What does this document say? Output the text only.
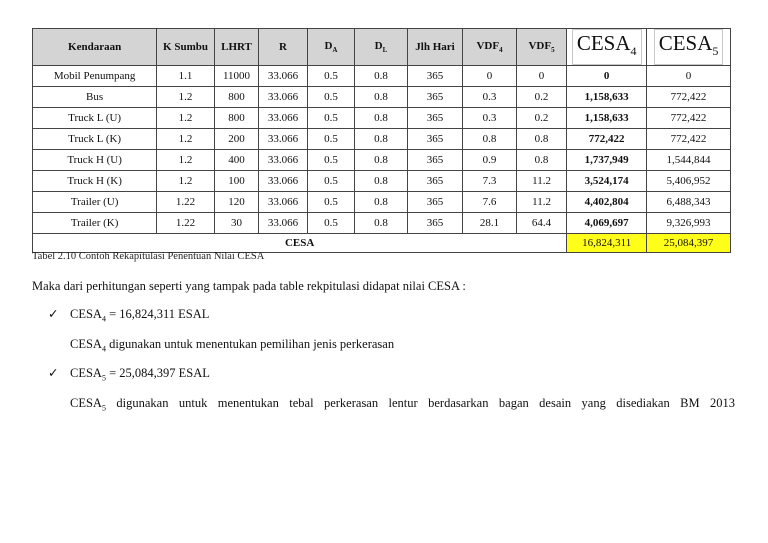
Kendaraan	K Sumbu	LHRT	R	$D_A$	$D_L$	Jlh Hari	$VDF_4$	$VDF_5$	$CESA_4$	$CESA_5$
Mobil Penumpang	1.1	11000	33.066	0.5	0.8	365	0	0	0	0
Bus	1.2	800	33.066	0.5	0.8	365	0.3	0.2	1,158,633	772,422
Truck L (U)	1.2	800	33.066	0.5	0.8	365	0.3	0.2	1,158,633	772,422
Truck L (K)	1.2	200	33.066	0.5	0.8	365	0.8	0.8	772,422	772,422
Truck H (U)	1.2	400	33.066	0.5	0.8	365	0.9	0.8	1,737,949	1,544,844
Truck H (K)	1.2	100	33.066	0.5	0.8	365	7.3	11.2	3,524,174	5,406,952
Trailer (U)	1.22	120	33.066	0.5	0.8	365	7.6	11.2	4,402,804	6,488,343
Trailer (K)	1.22	30	33.066	0.5	0.8	365	28.1	64.4	4,069,697	9,326,993
CESA									16,824,311	25,084,397
Tabel 2.10 Contoh Rekapitulasi Penentuan Nilai CESA
Maka dari perhitungan seperti yang tampak pada table rekpitulasi didapat nilai CESA :
✓ $CESA_4 = 16,824,311$ ESAL
$CESA_4$ digunakan untuk menentukan pemilihan jenis perkerasan
✓ $CESA_5 = 25,084,397$ ESAL
$CESA_5$ digunakan untuk menentukan tebal perkerasan lentur berdasarkan bagan desain yang disediakan BM 2013
